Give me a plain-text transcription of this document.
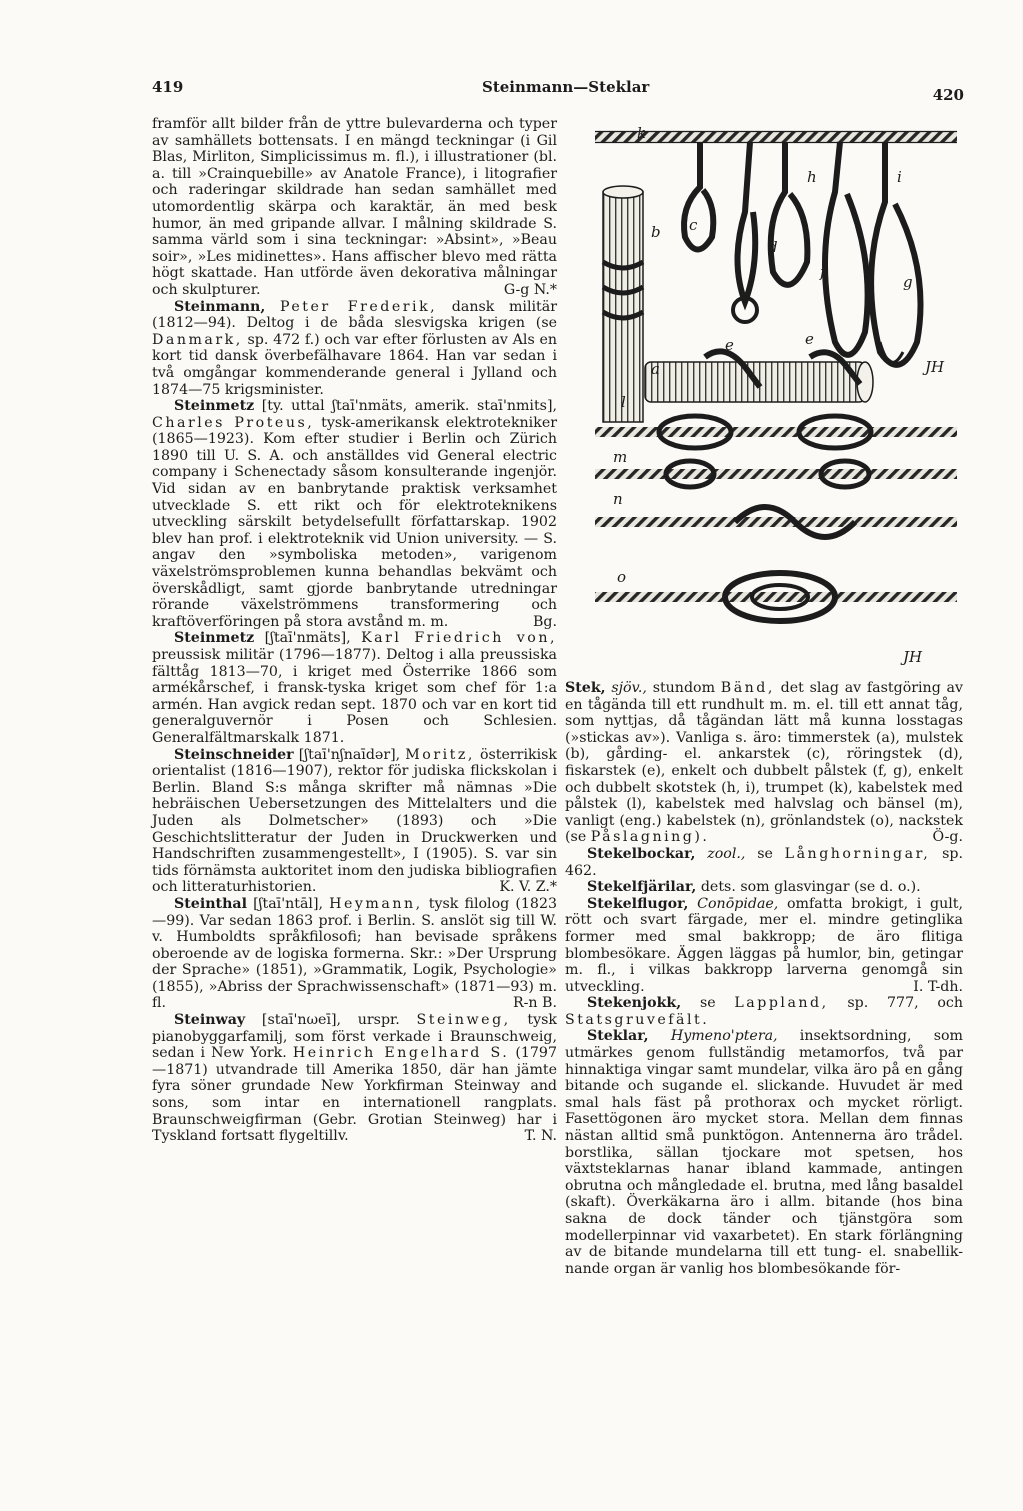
419	Steinmann—Steklar	420

framför allt bilder från de yttre bulevarderna och typer av samhällets bottensats. I en mängd teckningar (i Gil Blas, Mirliton, Simplicissimus m. fl.), i illustrationer (bl. a. till »Crainquebille» av Anatole France), i litografier och raderingar skildrade han sedan samhället med utomordentlig skärpa och karaktär, än med besk humor, än med gripande allvar. I målning skildrade S. samma värld som i sina teckningar: »Absint», »Beau soir», »Les midinettes». Hans affischer blevo med rätta högt skattade. Han utförde även dekorativa målningar och skulpturer.	G-g N.*

Steinmann, Peter Frederik, dansk militär (1812—94). Deltog i de båda slesvigska krigen (se Danmark, sp. 472 f.) och var efter förlusten av Als en kort tid dansk överbefälhavare 1864. Han var sedan i två omgångar kommenderande general i Jylland och 1874—75 krigsminister.

Steinmetz [ty. uttal ʃtaī'nmäts, amerik. staī'nmits], Charles Proteus, tysk-amerikansk elektrotekniker (1865—1923). Kom efter studier i Berlin och Zürich 1890 till U. S. A. och anställdes vid General electric company i Schenectady såsom konsulterande ingenjör. Vid sidan av en banbrytande praktisk verksamhet utvecklade S. ett rikt och för elektroteknikens utveckling särskilt betydelsefullt författarskap. 1902 blev han prof. i elektroteknik vid Union university. — S. angav den »symboliska metoden», varigenom växelströmsproblemen kunna behandlas bekvämt och överskådligt, samt gjorde banbrytande utredningar rörande växelströmmens transformering och kraftöverföringen på stora avstånd m. m.	Bg.

Steinmetz [ʃtaī'nmäts], Karl Friedrich von, preussisk militär (1796—1877). Deltog i alla preussiska fälttåg 1813—70, i kriget med Österrike 1866 som armékårschef, i fransk-tyska kriget som chef för 1:a armén. Han avgick redan sept. 1870 och var en kort tid generalguvernör i Posen och Schlesien. Generalfältmarskalk 1871.

Steinschneider [ʃtaī'nʃnaīdər], Moritz, österrikisk orientalist (1816—1907), rektor för judiska flickskolan i Berlin. Bland S:s många skrifter må nämnas »Die hebräischen Uebersetzungen des Mittelalters und die Juden als Dolmetscher» (1893) och »Die Geschichtslitteratur der Juden in Druckwerken und Handschriften zusammengestellt», I (1905). S. var sin tids förnämsta auktoritet inom den judiska bibliografien och litteraturhistorien.	K. V. Z.*

Steinthal [ʃtaī'ntāl], Heymann, tysk filolog (1823—99). Var sedan 1863 prof. i Berlin. S. anslöt sig till W. v. Humboldts språkfilosofi; han bevisade språkens oberoende av de logiska formerna. Skr.: »Der Ursprung der Sprache» (1851), »Grammatik, Logik, Psychologie» (1855), »Abriss der Sprachwissenschaft» (1871—93) m. fl.	R-n B.

Steinway [staī'nωeī], urspr. Steinweg, tysk pianobyggarfamilj, som först verkade i Braunschweig, sedan i New York. Heinrich Engelhard S. (1797—1871) utvandrade till Amerika 1850, där han jämte fyra söner grundade New Yorkfirman Steinway and sons, som intar en internationell rangplats. Braunschweigfirman (Gebr. Grotian Steinweg) har i Tyskland fortsatt flygeltillv.	T. N.

k
h	i
b c
d
f
g
a
e	e
l
m
n
o
JH
JH

Stek, sjöv., stundom Bänd, det slag av fastgöring av en tågända till ett rundhult m. m. el. till ett annat tåg, som nyttjas, då tågändan lätt må kunna losstagas (»stickas av»). Vanliga s. äro: timmerstek (a), mulstek (b), gårding- el. ankarstek (c), röringstek (d), fiskarstek (e), enkelt och dubbelt pålstek (f, g), enkelt och dubbelt skotstek (h, i), trumpet (k), kabelstek med pålstek (l), kabelstek med halvslag och bänsel (m), vanligt (eng.) kabelstek (n), grönlandstek (o), nackstek (se Påslagning).	Ö-g.

Stekelbockar, zool., se Långhorningar, sp. 462.

Stekelfjärilar, dets. som glasvingar (se d. o.).

Stekelflugor, Conōpidae, omfatta brokigt, i gult, rött och svart färgade, mer el. mindre getinglika former med smal bakkropp; de äro flitiga blombesökare. Äggen läggas på humlor, bin, getingar m. fl., i vilkas bakkropp larverna genomgå sin utveckling.	I. T-dh.

Stekenjokk, se Lappland, sp. 777, och Statsgruvefält.

Steklar, Hymeno'ptera, insektsordning, som utmärkes genom fullständig metamorfos, två par hinnaktiga vingar samt mundelar, vilka äro på en gång bitande och sugande el. slickande. Huvudet är med smal hals fäst på prothorax och mycket rörligt. Fasettögonen äro mycket stora. Mellan dem finnas nästan alltid små punktögon. Antennerna äro trådel. borstlika, sällan tjockare mot spetsen, hos växtsteklarnas hanar ibland kammade, antingen obrutna och mångledade el. brutna, med lång basaldel (skaft). Överkäkarna äro i allm. bitande (hos bina sakna de dock tänder och tjänstgöra som modellerpinnar vid vaxarbetet). En stark förlängning av de bitande mundelarna till ett tung- el. snabellik-nande organ är vanlig hos blombesökande för-
